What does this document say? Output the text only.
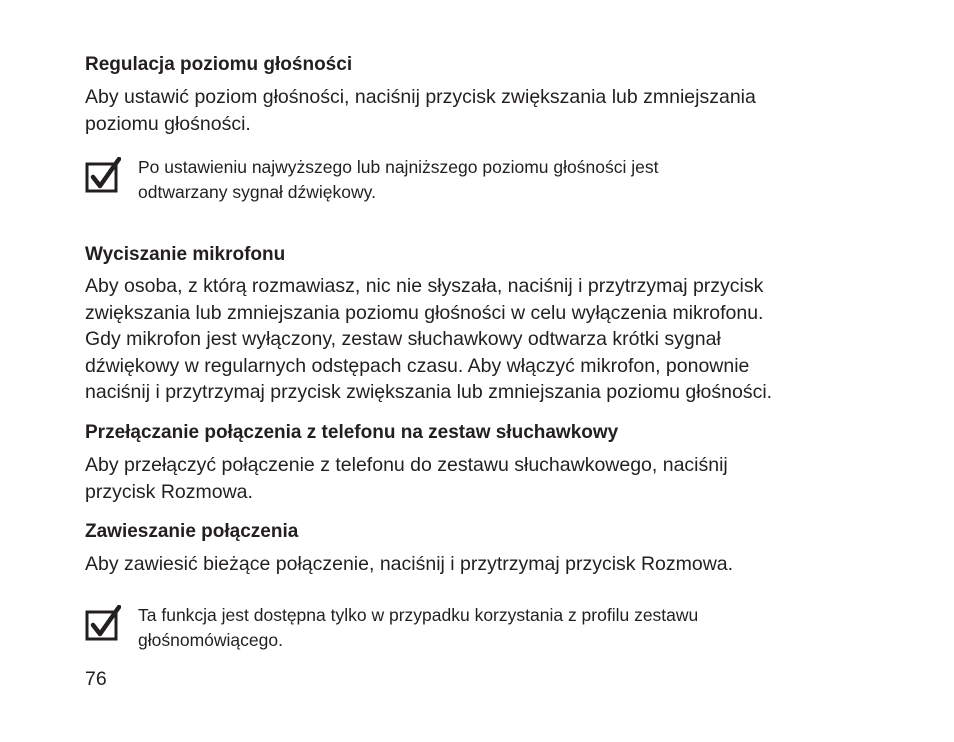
Regulacja poziomu głośności
Aby ustawić poziom głośności, naciśnij przycisk zwiększania lub zmniejszania
poziomu głośności.
Po ustawieniu najwyższego lub najniższego poziomu głośności jest
odtwarzany sygnał dźwiękowy.
Wyciszanie mikrofonu
Aby osoba, z którą rozmawiasz, nic nie słyszała, naciśnij i przytrzymaj przycisk
zwiększania lub zmniejszania poziomu głośności w celu wyłączenia mikrofonu.
Gdy mikrofon jest wyłączony, zestaw słuchawkowy odtwarza krótki sygnał
dźwiękowy w regularnych odstępach czasu. Aby włączyć mikrofon, ponownie
naciśnij i przytrzymaj przycisk zwiększania lub zmniejszania poziomu głośności.
Przełączanie połączenia z telefonu na zestaw słuchawkowy
Aby przełączyć połączenie z telefonu do zestawu słuchawkowego, naciśnij
przycisk Rozmowa.
Zawieszanie połączenia
Aby zawiesić bieżące połączenie, naciśnij i przytrzymaj przycisk Rozmowa.
Ta funkcja jest dostępna tylko w przypadku korzystania z profilu zestawu
głośnomówiącego.
76
